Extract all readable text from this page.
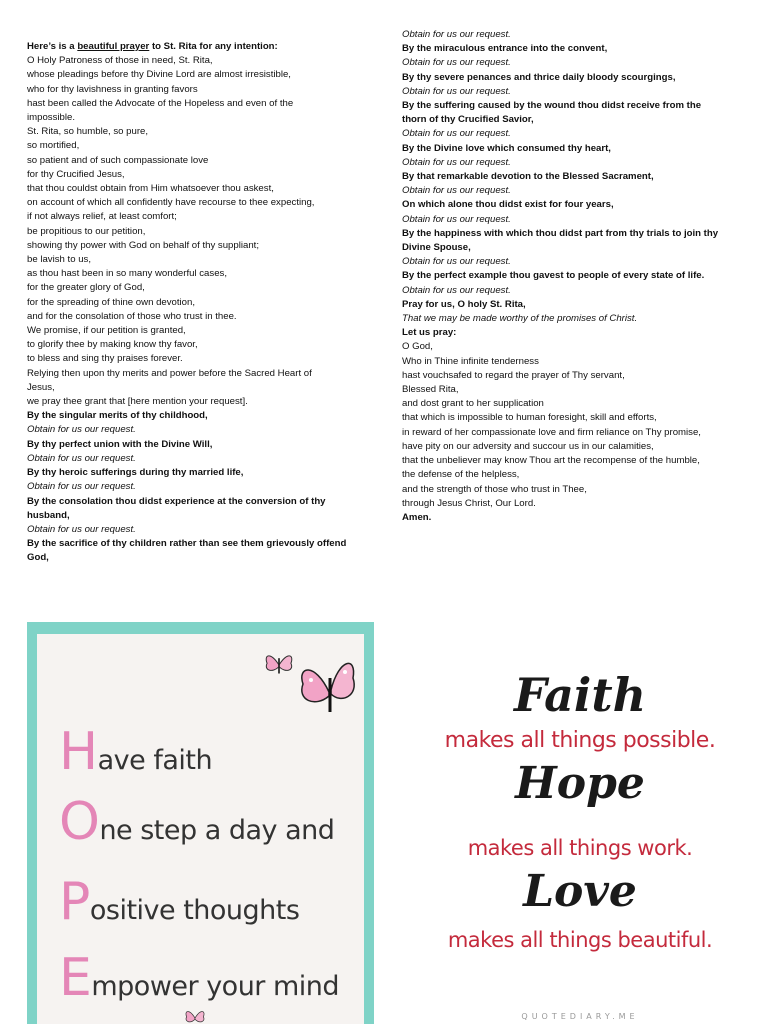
Here’s is a beautiful prayer to St. Rita for any intention:
O Holy Patroness of those in need, St. Rita,
whose pleadings before thy Divine Lord are almost irresistible,
who for thy lavishness in granting favors
hast been called the Advocate of the Hopeless and even of the
impossible.
St. Rita, so humble, so pure,
so mortified,
so patient and of such compassionate love
for thy Crucified Jesus,
that thou couldst obtain from Him whatsoever thou askest,
on account of which all confidently have recourse to thee expecting,
if not always relief, at least comfort;
be propitious to our petition,
showing thy power with God on behalf of thy suppliant;
be lavish to us,
as thou hast been in so many wonderful cases,
for the greater glory of God,
for the spreading of thine own devotion,
and for the consolation of those who trust in thee.
We promise, if our petition is granted,
to glorify thee by making know thy favor,
to bless and sing thy praises forever.
Relying then upon thy merits and power before the Sacred Heart of
Jesus,
we pray thee grant that [here mention your request].
By the singular merits of thy childhood,
Obtain for us our request.
By thy perfect union with the Divine Will,
Obtain for us our request.
By thy heroic sufferings during thy married life,
Obtain for us our request.
By the consolation thou didst experience at the conversion of thy
husband,
Obtain for us our request.
By the sacrifice of thy children rather than see them grievously offend
God,
Obtain for us our request.
By the miraculous entrance into the convent,
Obtain for us our request.
By thy severe penances and thrice daily bloody scourgings,
Obtain for us our request.
By the suffering caused by the wound thou didst receive from the
thorn of thy Crucified Savior,
Obtain for us our request.
By the Divine love which consumed thy heart,
Obtain for us our request.
By that remarkable devotion to the Blessed Sacrament,
Obtain for us our request.
On which alone thou didst exist for four years,
Obtain for us our request.
By the happiness with which thou didst part from thy trials to join thy
Divine Spouse,
Obtain for us our request.
By the perfect example thou gavest to people of every state of life.
Obtain for us our request.
Pray for us, O holy St. Rita,
That we may be made worthy of the promises of Christ.
Let us pray:
O God,
Who in Thine infinite tenderness
hast vouchsafed to regard the prayer of Thy servant,
Blessed Rita,
and dost grant to her supplication
that which is impossible to human foresight, skill and efforts,
in reward of her compassionate love and firm reliance on Thy promise,
have pity on our adversity and succour us in our calamities,
that the unbeliever may know Thou art the recompense of the humble,
the defense of the helpless,
and the strength of those who trust in Thee,
through Jesus Christ, Our Lord.
Amen.
Have faith
One step a day and
Positive thoughts
Empower your mind
Faith
makes all things possible.
Hope
makes all things work.
Love
makes all things beautiful.
QUOTEDIARY.ME
